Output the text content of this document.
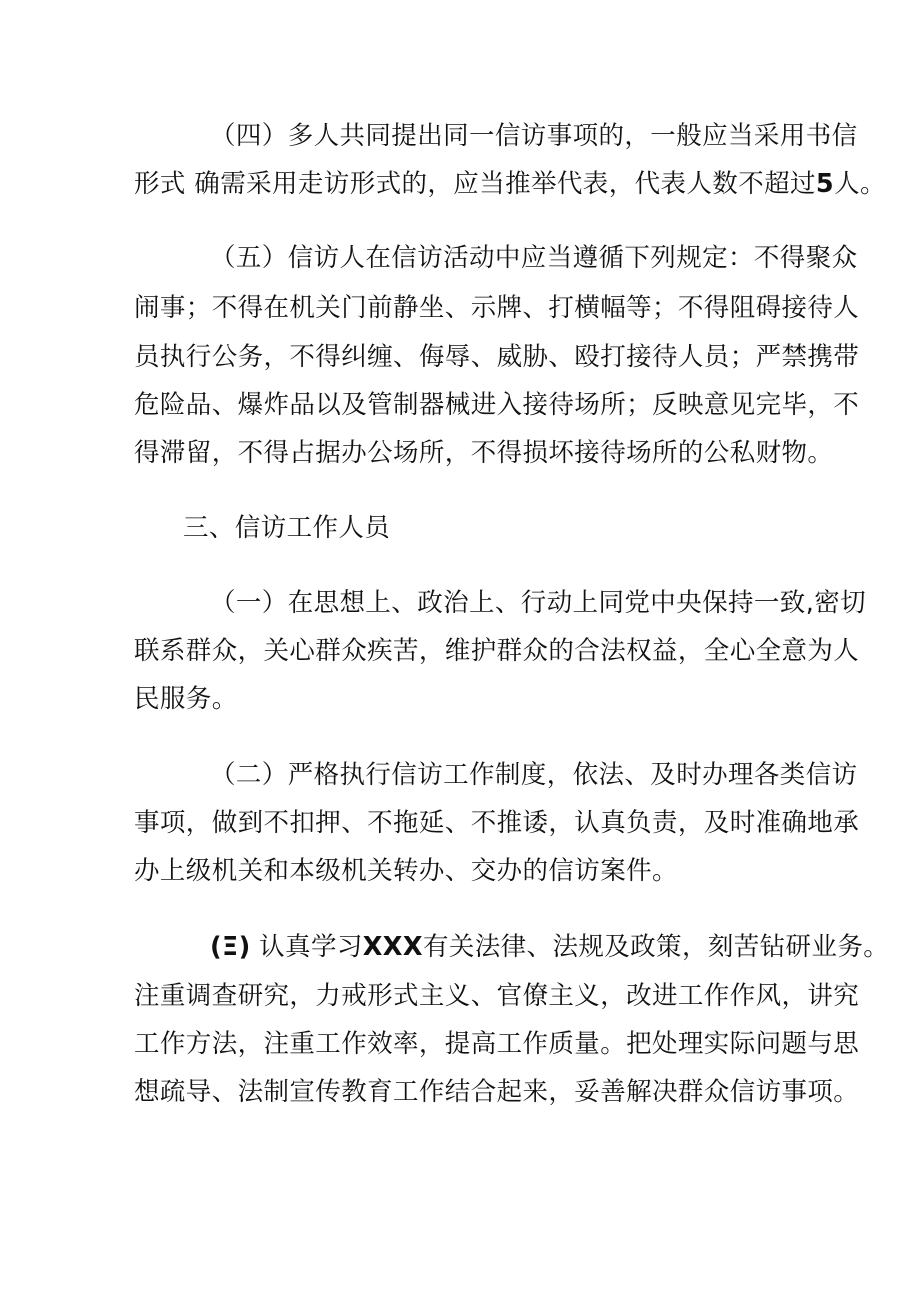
（四）多人共同提出同一信访事项的，一般应当采用书信
形式 确需采用走访形式的，应当推举代表，代表人数不超过5人。
（五）信访人在信访活动中应当遵循下列规定：不得聚众
闹事；不得在机关门前静坐、示牌、打横幅等；不得阻碍接待人
员执行公务，不得纠缠、侮辱、威胁、殴打接待人员；严禁携带
危险品、爆炸品以及管制器械进入接待场所；反映意见完毕，不
得滞留，不得占据办公场所，不得损坏接待场所的公私财物。
三、信访工作人员
（一）在思想上、政治上、行动上同党中央保持一致,密切
联系群众，关心群众疾苦，维护群众的合法权益，全心全意为人
民服务。
（二）严格执行信访工作制度，依法、及时办理各类信访
事项，做到不扣押、不拖延、不推诿，认真负责，及时准确地承
办上级机关和本级机关转办、交办的信访案件。
(Ξ) 认真学习XXX有关法律、法规及政策，刻苦钻研业务。
注重调查研究，力戒形式主义、官僚主义，改进工作作风，讲究
工作方法，注重工作效率，提高工作质量。把处理实际问题与思
想疏导、法制宣传教育工作结合起来，妥善解决群众信访事项。
